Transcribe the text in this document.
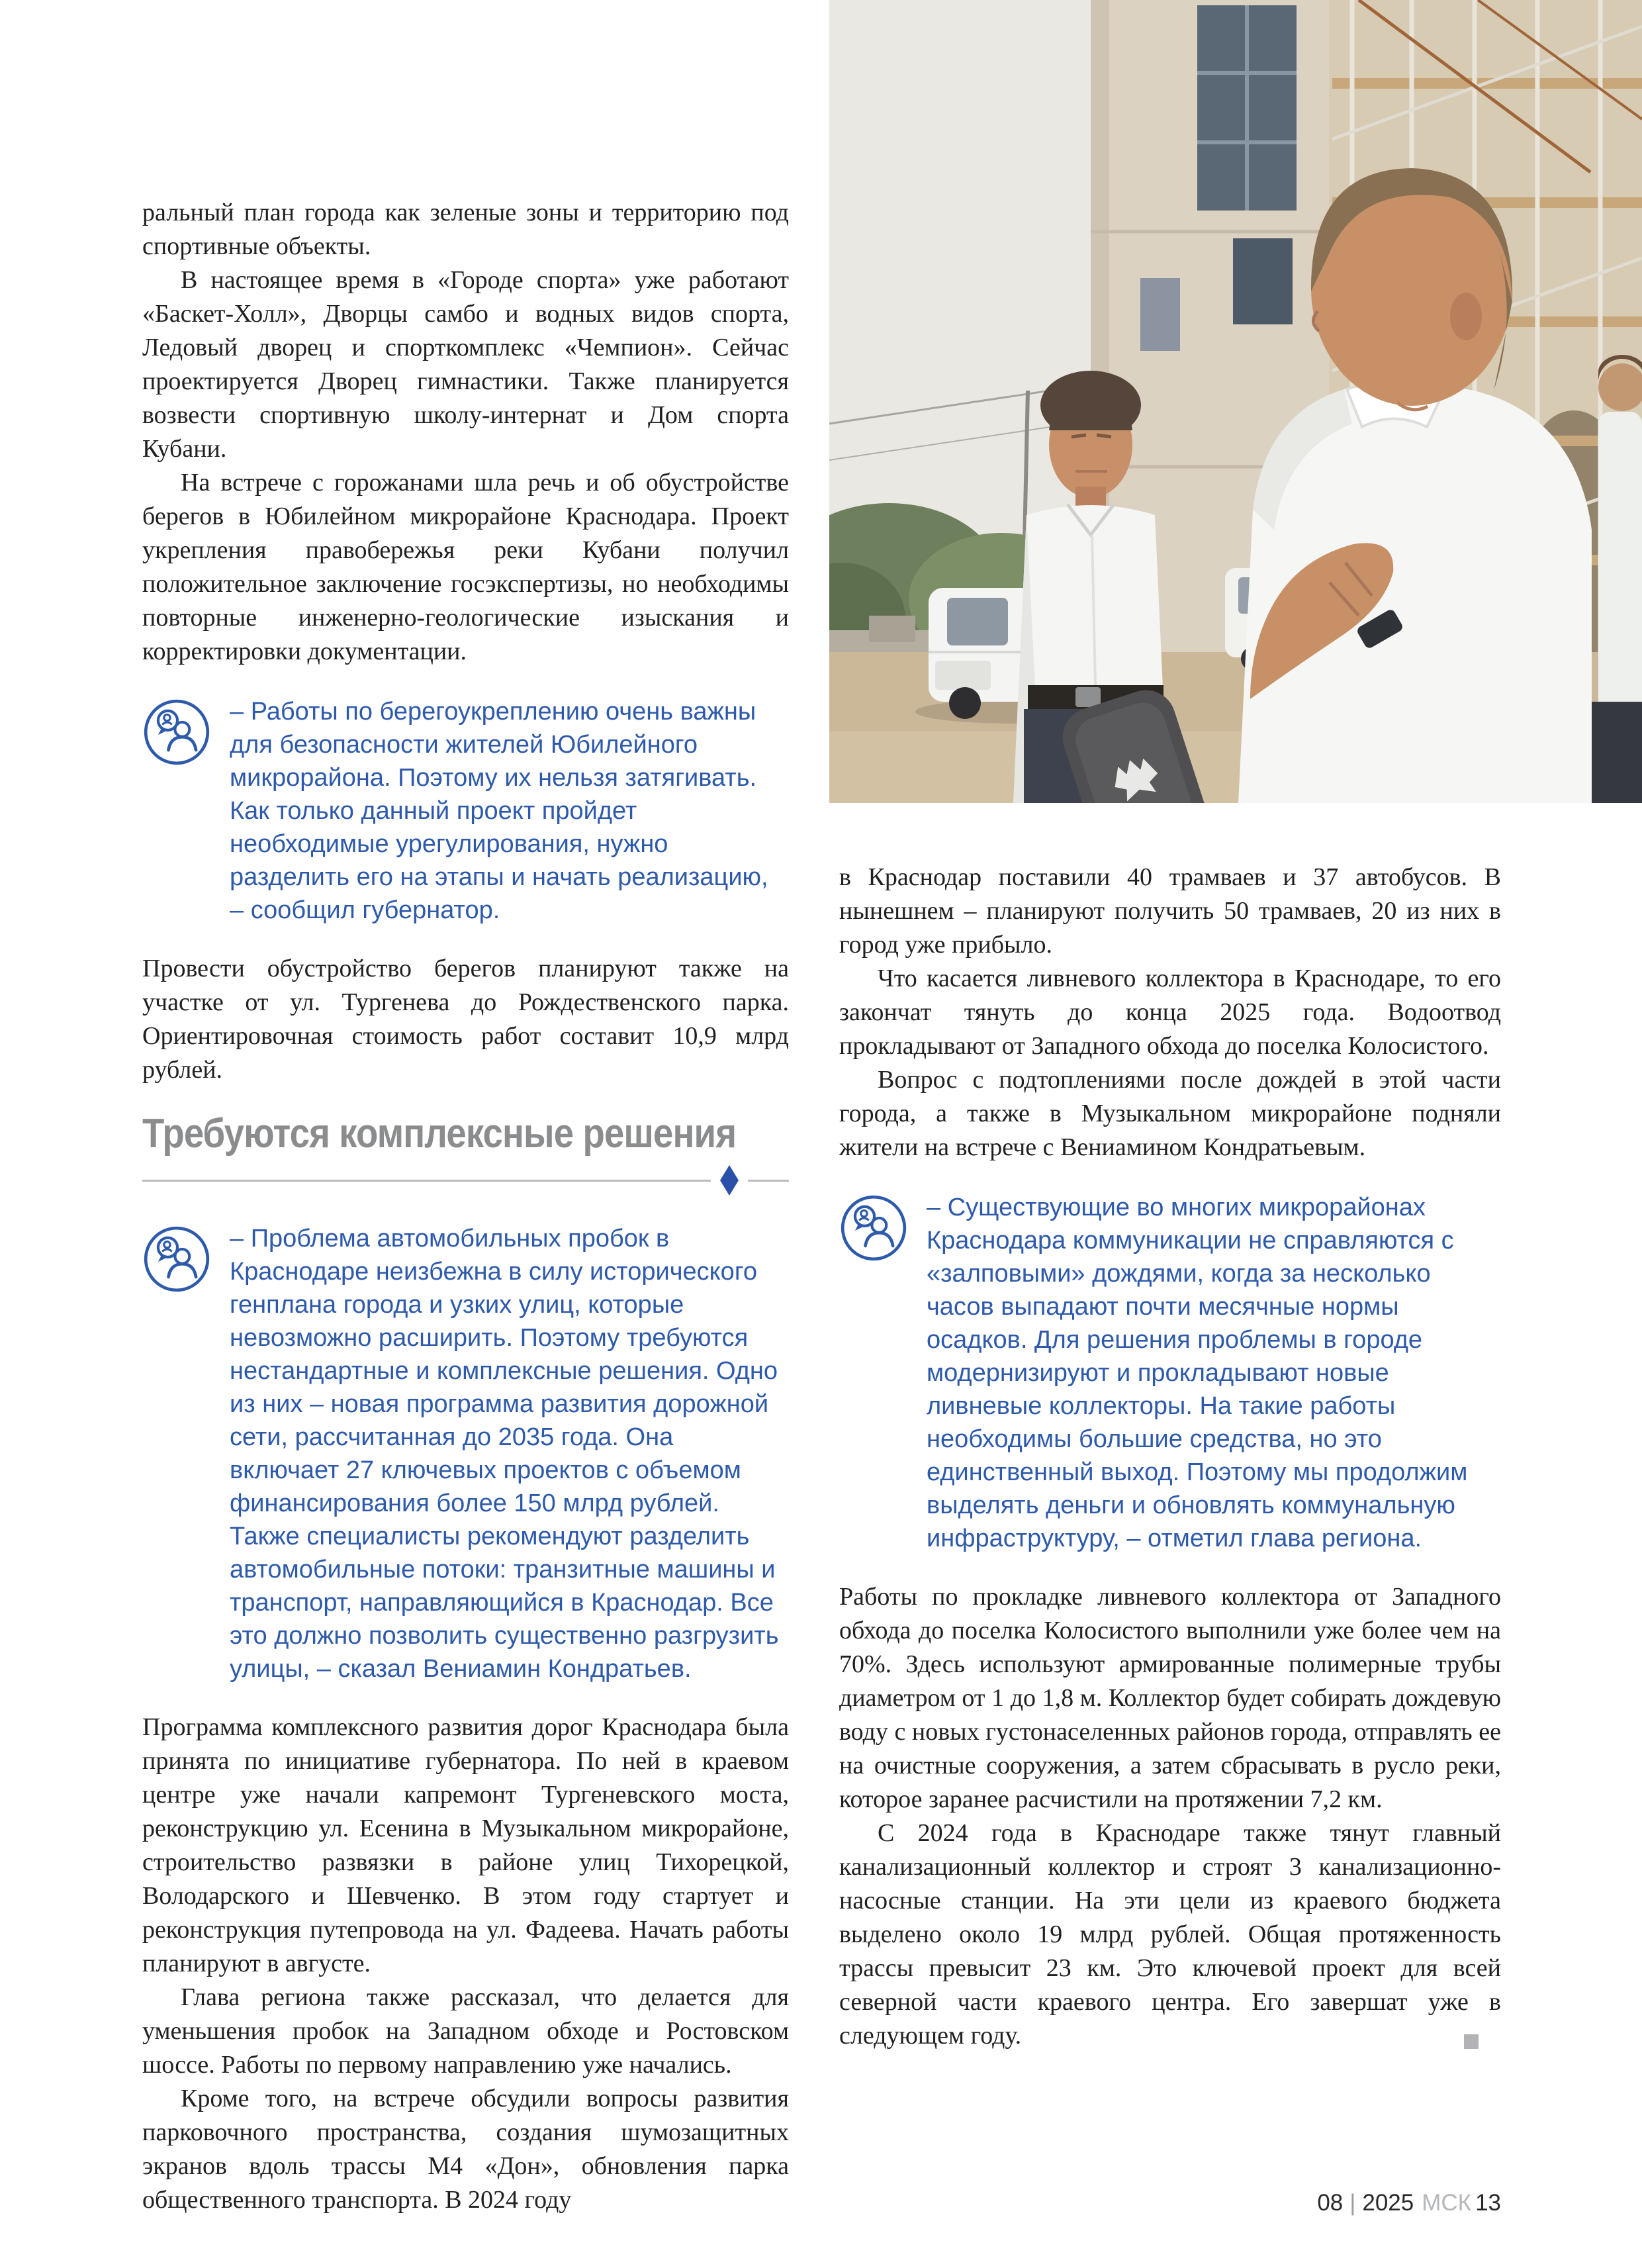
ральный план города как зеленые зоны и территорию под спортивные объекты.

В настоящее время в «Городе спорта» уже работают «Баскет-Холл», Дворцы самбо и водных видов спорта, Ледовый дворец и спорткомплекс «Чемпион». Сейчас проектируется Дворец гимнастики. Также планируется возвести спортивную школу-интернат и Дом спорта Кубани.

На встрече с горожанами шла речь и об обустройстве берегов в Юбилейном микрорайоне Краснодара. Проект укрепления правобережья реки Кубани получил положительное заключение госэкспертизы, но необходимы повторные инженерно-геологические изыскания и корректировки документации.

– Работы по берегоукреплению очень важны для безопасности жителей Юбилейного микрорайона. Поэтому их нельзя затягивать. Как только данный проект пройдет необходимые урегулирования, нужно разделить его на этапы и начать реализацию, – сообщил губернатор.

Провести обустройство берегов планируют также на участке от ул. Тургенева до Рождественского парка. Ориентировочная стоимость работ составит 10,9 млрд рублей.

Требуются комплексные решения
– Проблема автомобильных пробок в Краснодаре неизбежна в силу исторического генплана города и узких улиц, которые невозможно расширить. Поэтому требуются нестандартные и комплексные решения. Одно из них – новая программа развития дорожной сети, рассчитанная до 2035 года. Она включает 27 ключевых проектов с объемом финансирования более 150 млрд рублей. Также специалисты рекомендуют разделить автомобильные потоки: транзитные машины и транспорт, направляющийся в Краснодар. Все это должно позволить существенно разгрузить улицы, – сказал Вениамин Кондратьев.

Программа комплексного развития дорог Краснодара была принята по инициативе губернатора. По ней в краевом центре уже начали капремонт Тургеневского моста, реконструкцию ул. Есенина в Музыкальном микрорайоне, строительство развязки в районе улиц Тихорецкой, Володарского и Шевченко. В этом году стартует и реконструкция путепровода на ул. Фадеева. Начать работы планируют в августе.

Глава региона также рассказал, что делается для уменьшения пробок на Западном обходе и Ростовском шоссе. Работы по первому направлению уже начались.

Кроме того, на встрече обсудили вопросы развития парковочного пространства, создания шумозащитных экранов вдоль трассы М4 «Дон», обновления парка общественного транспорта. В 2024 году

в Краснодар поставили 40 трамваев и 37 автобусов. В нынешнем – планируют получить 50 трамваев, 20 из них в город уже прибыло.

Что касается ливневого коллектора в Краснодаре, то его закончат тянуть до конца 2025 года. Водоотвод прокладывают от Западного обхода до поселка Колосистого.

Вопрос с подтоплениями после дождей в этой части города, а также в Музыкальном микрорайоне подняли жители на встрече с Вениамином Кондратьевым.

– Существующие во многих микрорайонах Краснодара коммуникации не справляются с «залповыми» дождями, когда за несколько часов выпадают почти месячные нормы осадков. Для решения проблемы в городе модернизируют и прокладывают новые ливневые коллекторы. На такие работы необходимы большие средства, но это единственный выход. Поэтому мы продолжим выделять деньги и обновлять коммунальную инфраструктуру, – отметил глава региона.

Работы по прокладке ливневого коллектора от Западного обхода до поселка Колосистого выполнили уже более чем на 70%. Здесь используют армированные полимерные трубы диаметром от 1 до 1,8 м. Коллектор будет собирать дождевую воду с новых густонаселенных районов города, отправлять ее на очистные сооружения, а затем сбрасывать в русло реки, которое заранее расчистили на протяжении 7,2 км.

С 2024 года в Краснодаре также тянут главный канализационный коллектор и строят 3 канализационно-насосные станции. На эти цели из краевого бюджета выделено около 19 млрд рублей. Общая протяженность трассы превысит 23 км. Это ключевой проект для всей северной части краевого центра. Его завершат уже в следующем году.

08 | 2025 МСК 13
